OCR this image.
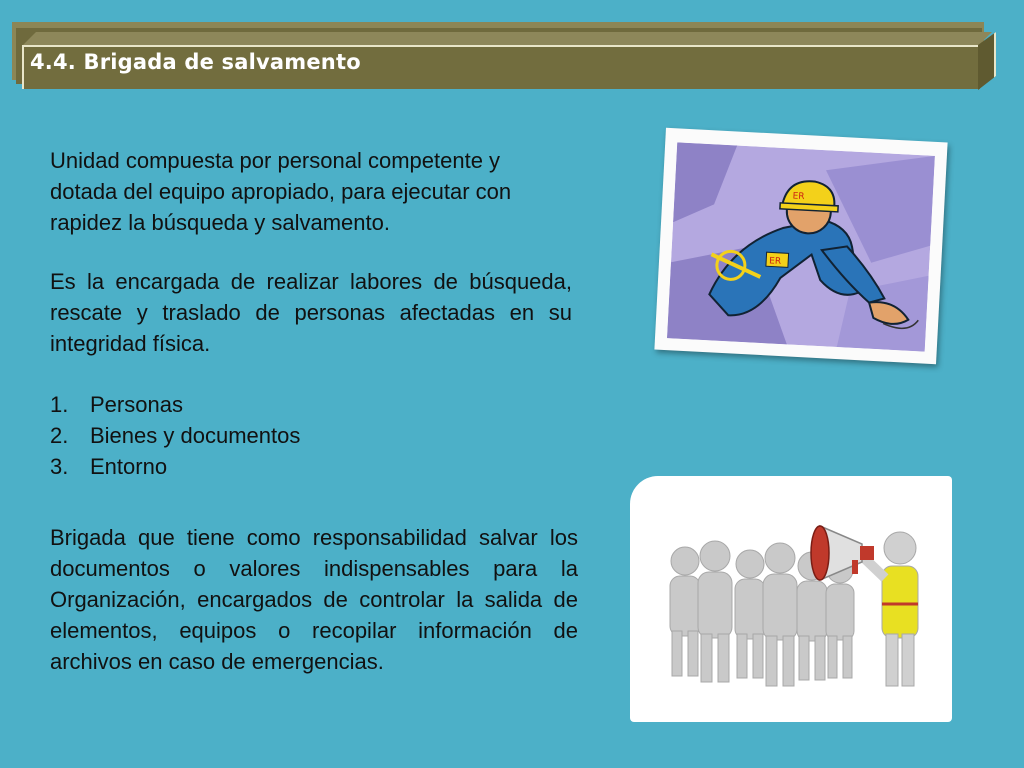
4.4. Brigada de salvamento
Unidad compuesta por personal competente y dotada del equipo apropiado, para ejecutar con rapidez la búsqueda y salvamento.
Es la encargada de realizar labores de búsqueda, rescate y traslado de personas afectadas en su integridad física.
1. Personas
2. Bienes y documentos
3. Entorno
Brigada que tiene como responsabilidad salvar los documentos o valores indispensables para la Organización, encargados de controlar la salida de elementos, equipos o recopilar información de archivos en caso de emergencias.
ER
ER
